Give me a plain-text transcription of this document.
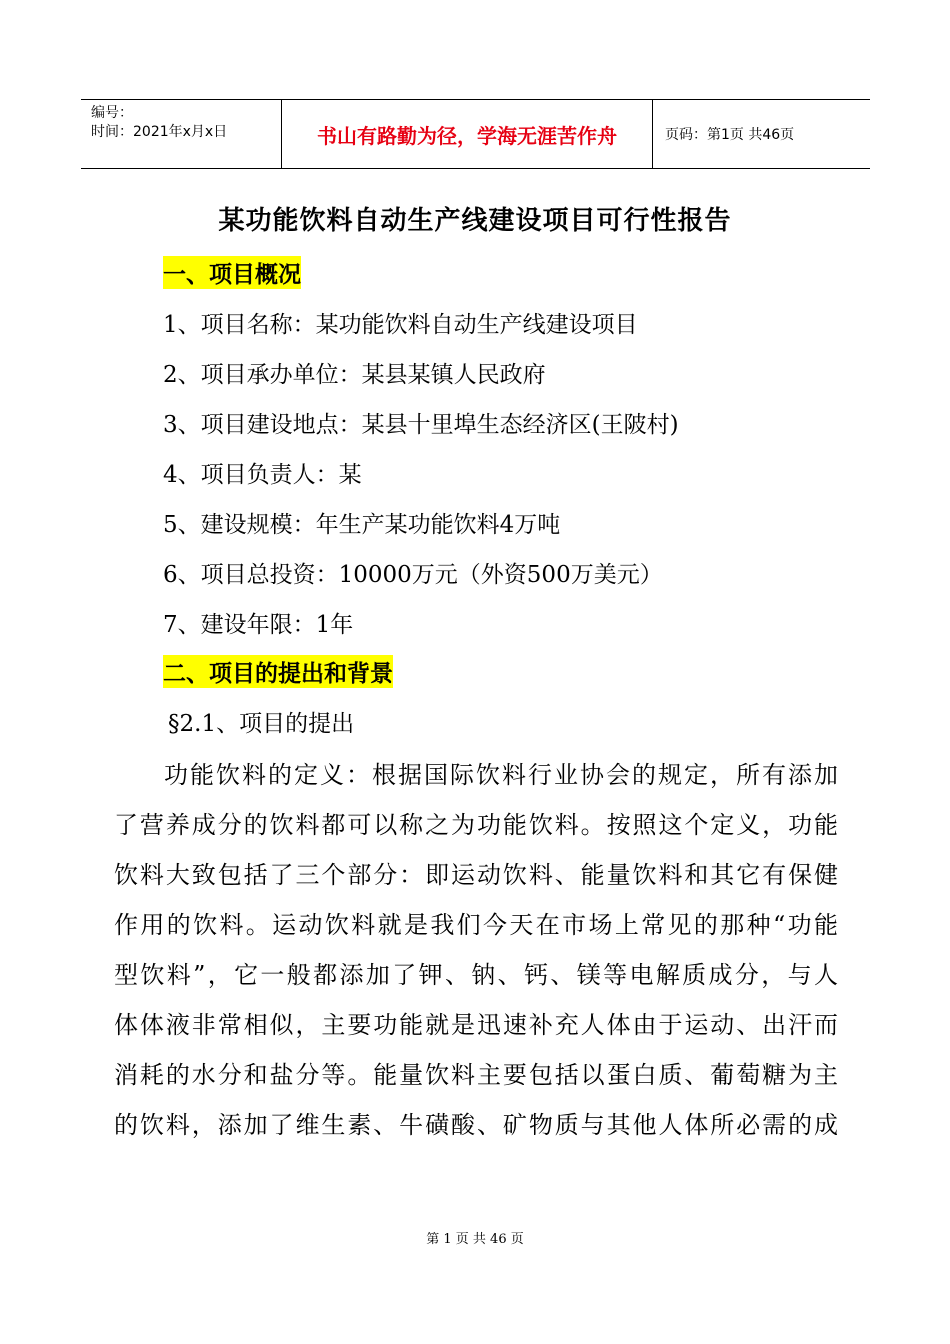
编号：
时间：2021年x月x日	书山有路勤为径，学海无涯苦作舟	页码：第1页 共46页
某功能饮料自动生产线建设项目可行性报告
一、项目概况
1、项目名称：某功能饮料自动生产线建设项目
2、项目承办单位：某县某镇人民政府
3、项目建设地点：某县十里埠生态经济区(王陂村)
4、项目负责人：某
5、建设规模：年生产某功能饮料4万吨
6、项目总投资：10000万元（外资500万美元）
7、建设年限：1年
二、项目的提出和背景
§2.1、项目的提出

功能饮料的定义：根据国际饮料行业协会的规定，所有添加

了营养成分的饮料都可以称之为功能饮料。按照这个定义，功能

饮料大致包括了三个部分：即运动饮料、能量饮料和其它有保健

作用的饮料。运动饮料就是我们今天在市场上常见的那种“功能

型饮料”，它一般都添加了钾、钠、钙、镁等电解质成分，与人

体体液非常相似，主要功能就是迅速补充人体由于运动、出汗而

消耗的水分和盐分等。能量饮料主要包括以蛋白质、葡萄糖为主

的饮料，添加了维生素、牛磺酸、矿物质与其他人体所必需的成

第 1 页 共 46 页
